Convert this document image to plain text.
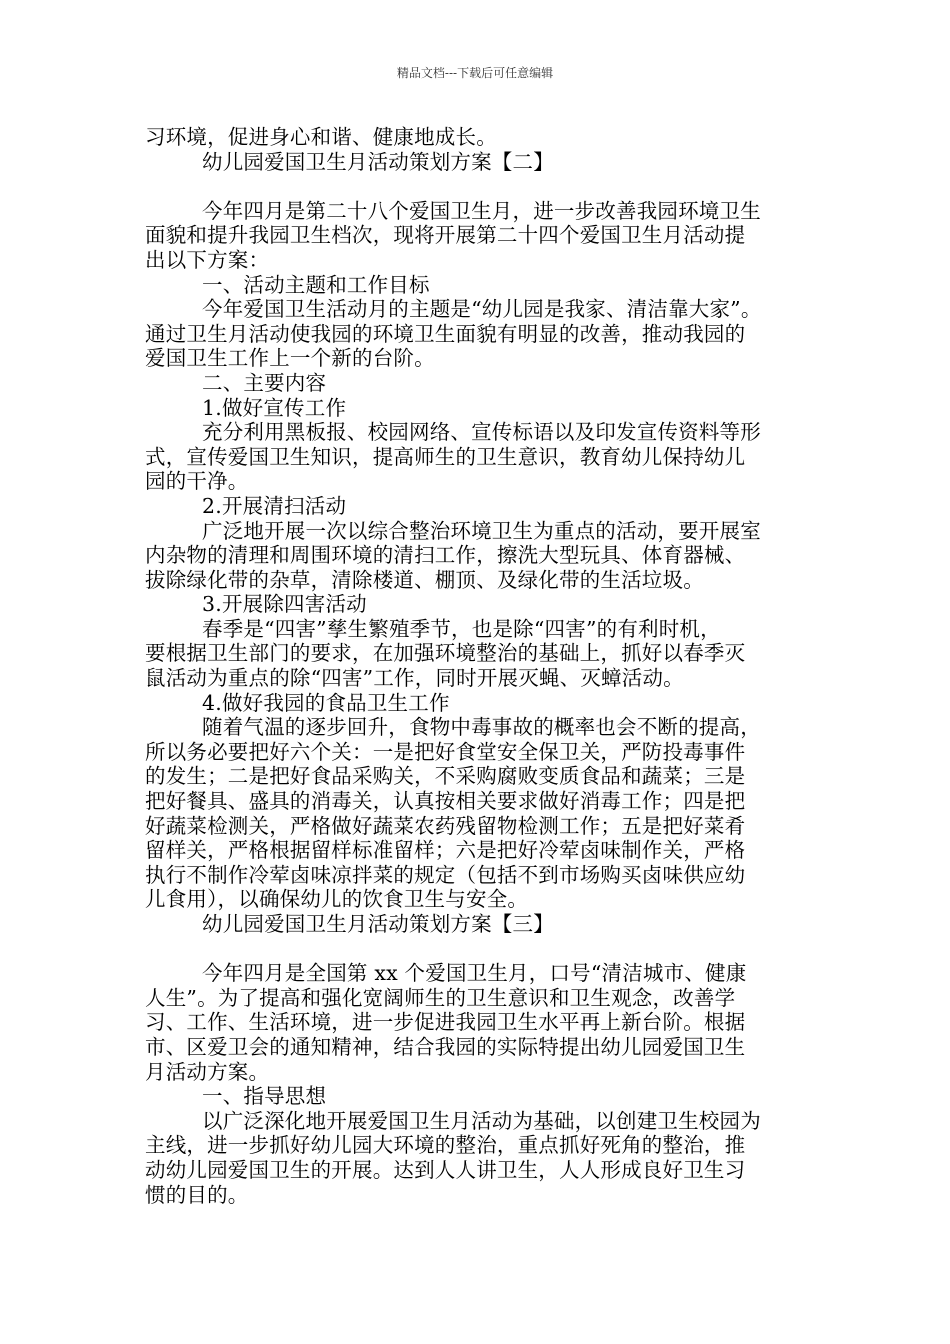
精品文档---下载后可任意编辑

习环境，促进身心和谐、健康地成长。

幼儿园爱国卫生月活动策划方案【二】

今年四月是第二十八个爱国卫生月，进一步改善我园环境卫生

面貌和提升我园卫生档次，现将开展第二十四个爱国卫生月活动提

出以下方案：

一、活动主题和工作目标

今年爱国卫生活动月的主题是“幼儿园是我家、清洁靠大家”。

通过卫生月活动使我园的环境卫生面貌有明显的改善，推动我园的

爱国卫生工作上一个新的台阶。

二、主要内容

1.做好宣传工作

充分利用黑板报、校园网络、宣传标语以及印发宣传资料等形

式，宣传爱国卫生知识，提高师生的卫生意识，教育幼儿保持幼儿

园的干净。

2.开展清扫活动

广泛地开展一次以综合整治环境卫生为重点的活动，要开展室

内杂物的清理和周围环境的清扫工作，擦洗大型玩具、体育器械、

拔除绿化带的杂草，清除楼道、棚顶、及绿化带的生活垃圾。

3.开展除四害活动

春季是“四害”孳生繁殖季节，也是除“四害”的有利时机，

要根据卫生部门的要求，在加强环境整治的基础上，抓好以春季灭

鼠活动为重点的除“四害”工作，同时开展灭蝇、灭蟑活动。

4.做好我园的食品卫生工作

随着气温的逐步回升，食物中毒事故的概率也会不断的提高，

所以务必要把好六个关：一是把好食堂安全保卫关，严防投毒事件

的发生；二是把好食品采购关，不采购腐败变质食品和蔬菜；三是

把好餐具、盛具的消毒关，认真按相关要求做好消毒工作；四是把

好蔬菜检测关，严格做好蔬菜农药残留物检测工作；五是把好菜肴

留样关，严格根据留样标准留样；六是把好冷荤卤味制作关，严格

执行不制作冷荤卤味凉拌菜的规定（包括不到市场购买卤味供应幼

儿食用），以确保幼儿的饮食卫生与安全。

幼儿园爱国卫生月活动策划方案【三】

今年四月是全国第 xx 个爱国卫生月，口号“清洁城市、健康

人生”。为了提高和强化宽阔师生的卫生意识和卫生观念，改善学

习、工作、生活环境，进一步促进我园卫生水平再上新台阶。根据

市、区爱卫会的通知精神，结合我园的实际特提出幼儿园爱国卫生

月活动方案。

一、指导思想

以广泛深化地开展爱国卫生月活动为基础，以创建卫生校园为

主线，进一步抓好幼儿园大环境的整治，重点抓好死角的整治，推

动幼儿园爱国卫生的开展。达到人人讲卫生，人人形成良好卫生习

惯的目的。
